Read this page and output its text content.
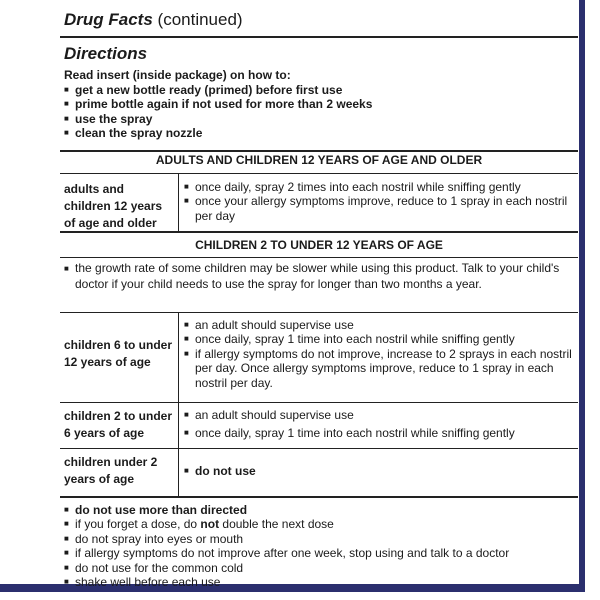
Drug Facts (continued)
Directions
Read insert (inside package) on how to:
■ get a new bottle ready (primed) before first use
■ prime bottle again if not used for more than 2 weeks
■ use the spray
■ clean the spray nozzle
ADULTS AND CHILDREN 12 YEARS OF AGE AND OLDER
adults and children 12 years of age and older
■ once daily, spray 2 times into each nostril while sniffing gently
■ once your allergy symptoms improve, reduce to 1 spray in each nostril per day
CHILDREN 2 TO UNDER 12 YEARS OF AGE
■ the growth rate of some children may be slower while using this product. Talk to your child's doctor if your child needs to use the spray for longer than two months a year.
children 6 to under 12 years of age
■ an adult should supervise use
■ once daily, spray 1 time into each nostril while sniffing gently
■ if allergy symptoms do not improve, increase to 2 sprays in each nostril per day. Once allergy symptoms improve, reduce to 1 spray in each nostril per day.
children 2 to under 6 years of age
■ an adult should supervise use
■ once daily, spray 1 time into each nostril while sniffing gently
children under 2 years of age
■ do not use
■ do not use more than directed
■ if you forget a dose, do not double the next dose
■ do not spray into eyes or mouth
■ if allergy symptoms do not improve after one week, stop using and talk to a doctor
■ do not use for the common cold
■ shake well before each use
